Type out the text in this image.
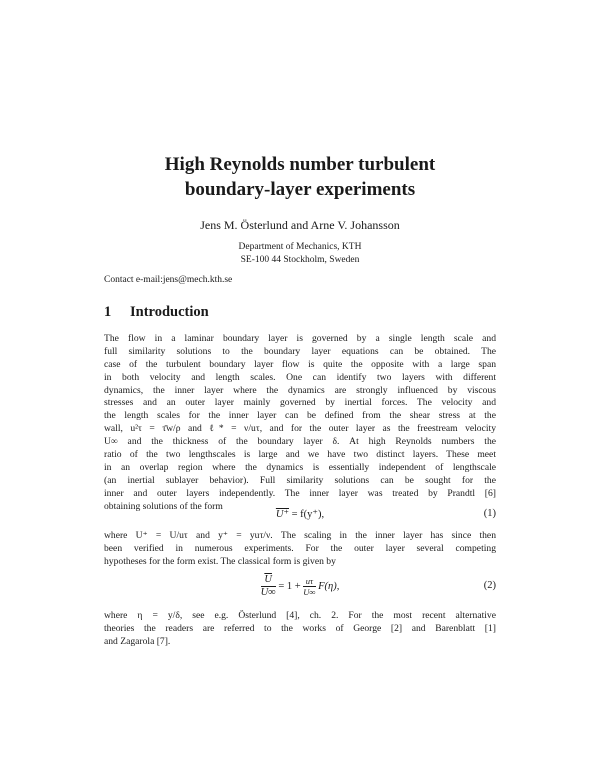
High Reynolds number turbulent
boundary-layer experiments
Jens M. Österlund and Arne V. Johansson
Department of Mechanics, KTH
SE-100 44 Stockholm, Sweden
Contact e-mail:jens@mech.kth.se
1 Introduction
The flow in a laminar boundary layer is governed by a single length scale and
full similarity solutions to the boundary layer equations can be obtained. The
case of the turbulent boundary layer flow is quite the opposite with a large span
in both velocity and length scales. One can identify two layers with different
dynamics, the inner layer where the dynamics are strongly influenced by viscous
stresses and an outer layer mainly governed by inertial forces. The velocity and
the length scales for the inner layer can be defined from the shear stress at the
wall, u²τ = τ̄w/ρ and ℓ* = ν/uτ, and for the outer layer as the freestream velocity
U∞ and the thickness of the boundary layer δ. At high Reynolds numbers the
ratio of the two lengthscales is large and we have two distinct layers. These meet
in an overlap region where the dynamics is essentially independent of lengthscale
(an inertial sublayer behavior). Full similarity solutions can be sought for the
inner and outer layers independently. The inner layer was treated by Prandtl [6]
obtaining solutions of the form
U⁺ = f(y⁺),	(1)
where U⁺ = U/uτ and y⁺ = yuτ/ν. The scaling in the inner layer has since then
been verified in numerous experiments. For the outer layer several competing
hypotheses for the form exist. The classical form is given by
$\frac{\overline{U}}{U\infty} = 1 + \frac{u\tau}{U\infty} F(\eta)$,	(2)
where η = y/δ, see e.g. Österlund [4], ch. 2. For the most recent alternative
theories the readers are referred to the works of George [2] and Barenblatt [1]
and Zagarola [7].
